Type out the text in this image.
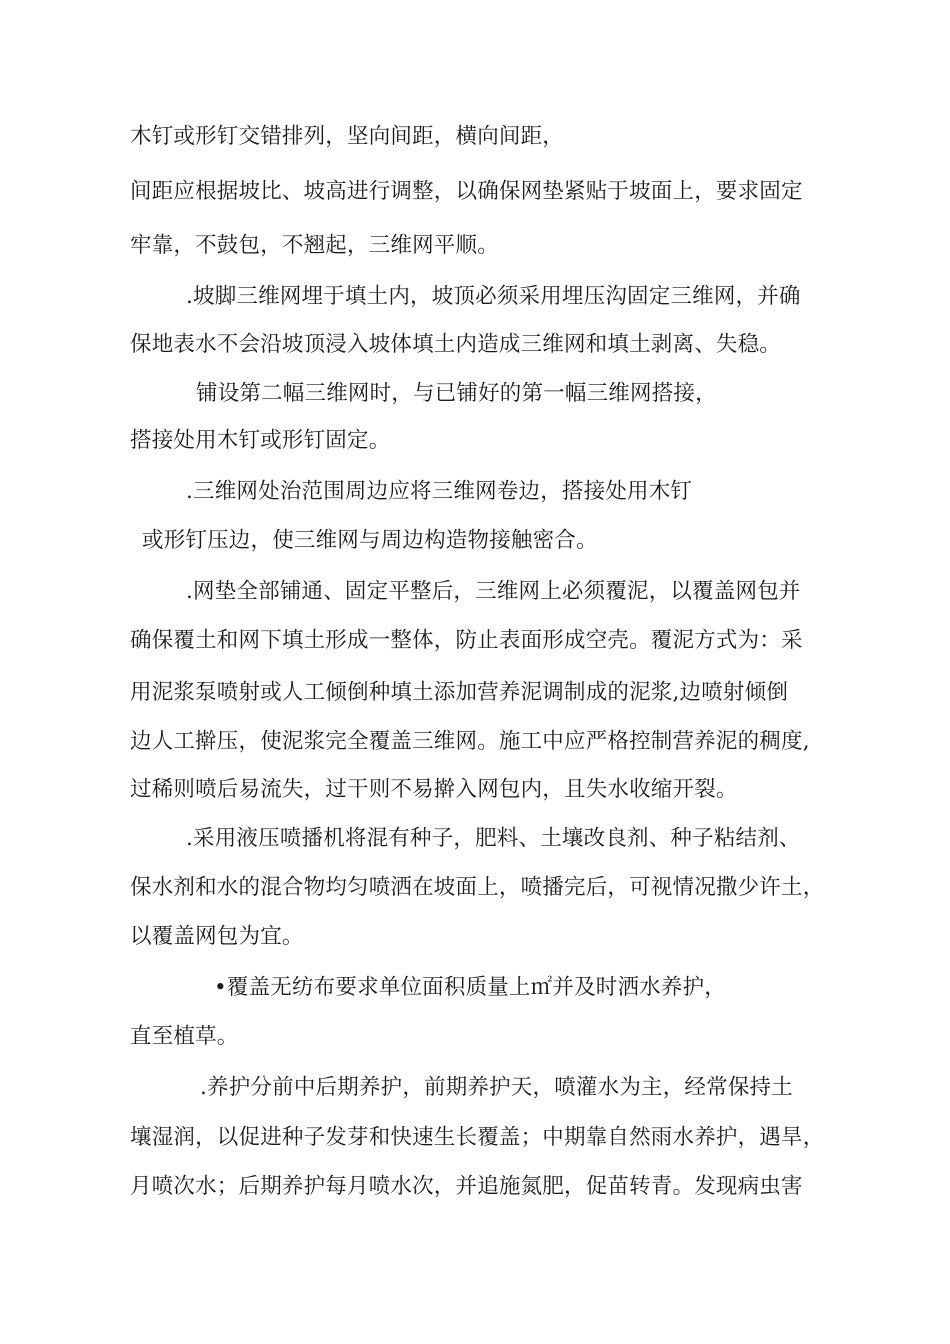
木钉或形钉交错排列，坚向间距，横向间距，
间距应根据坡比、坡高进行调整，以确保网垫紧贴于坡面上，要求固定
牢靠，不鼓包，不翘起，三维网平顺。
.坡脚三维网埋于填土内，坡顶必须采用埋压沟固定三维网，并确
保地表水不会沿坡顶浸入坡体填土内造成三维网和填土剥离、失稳。
铺设第二幅三维网时，与已铺好的第一幅三维网搭接，
搭接处用木钉或形钉固定。
.三维网处治范围周边应将三维网卷边，搭接处用木钉
或形钉压边，使三维网与周边构造物接触密合。
.网垫全部铺通、固定平整后，三维网上必须覆泥，以覆盖网包并
确保覆土和网下填土形成一整体，防止表面形成空壳。覆泥方式为：采
用泥浆泵喷射或人工倾倒种填土添加营养泥调制成的泥浆,边喷射倾倒
边人工擀压，使泥浆完全覆盖三维网。施工中应严格控制营养泥的稠度,
过稀则喷后易流失，过干则不易擀入网包内，且失水收缩开裂。
.采用液压喷播机将混有种子，肥料、土壤改良剂、种子粘结剂、
保水剂和水的混合物均匀喷洒在坡面上，喷播完后，可视情况撒少许土，
以覆盖网包为宜。
•覆盖无纺布要求单位面积质量上㎡并及时洒水养护，
直至植草。
.养护分前中后期养护，前期养护天，喷灌水为主，经常保持土
壤湿润，以促进种子发芽和快速生长覆盖；中期靠自然雨水养护，遇旱，
月喷次水；后期养护每月喷水次，并追施氮肥，促苗转青。发现病虫害
